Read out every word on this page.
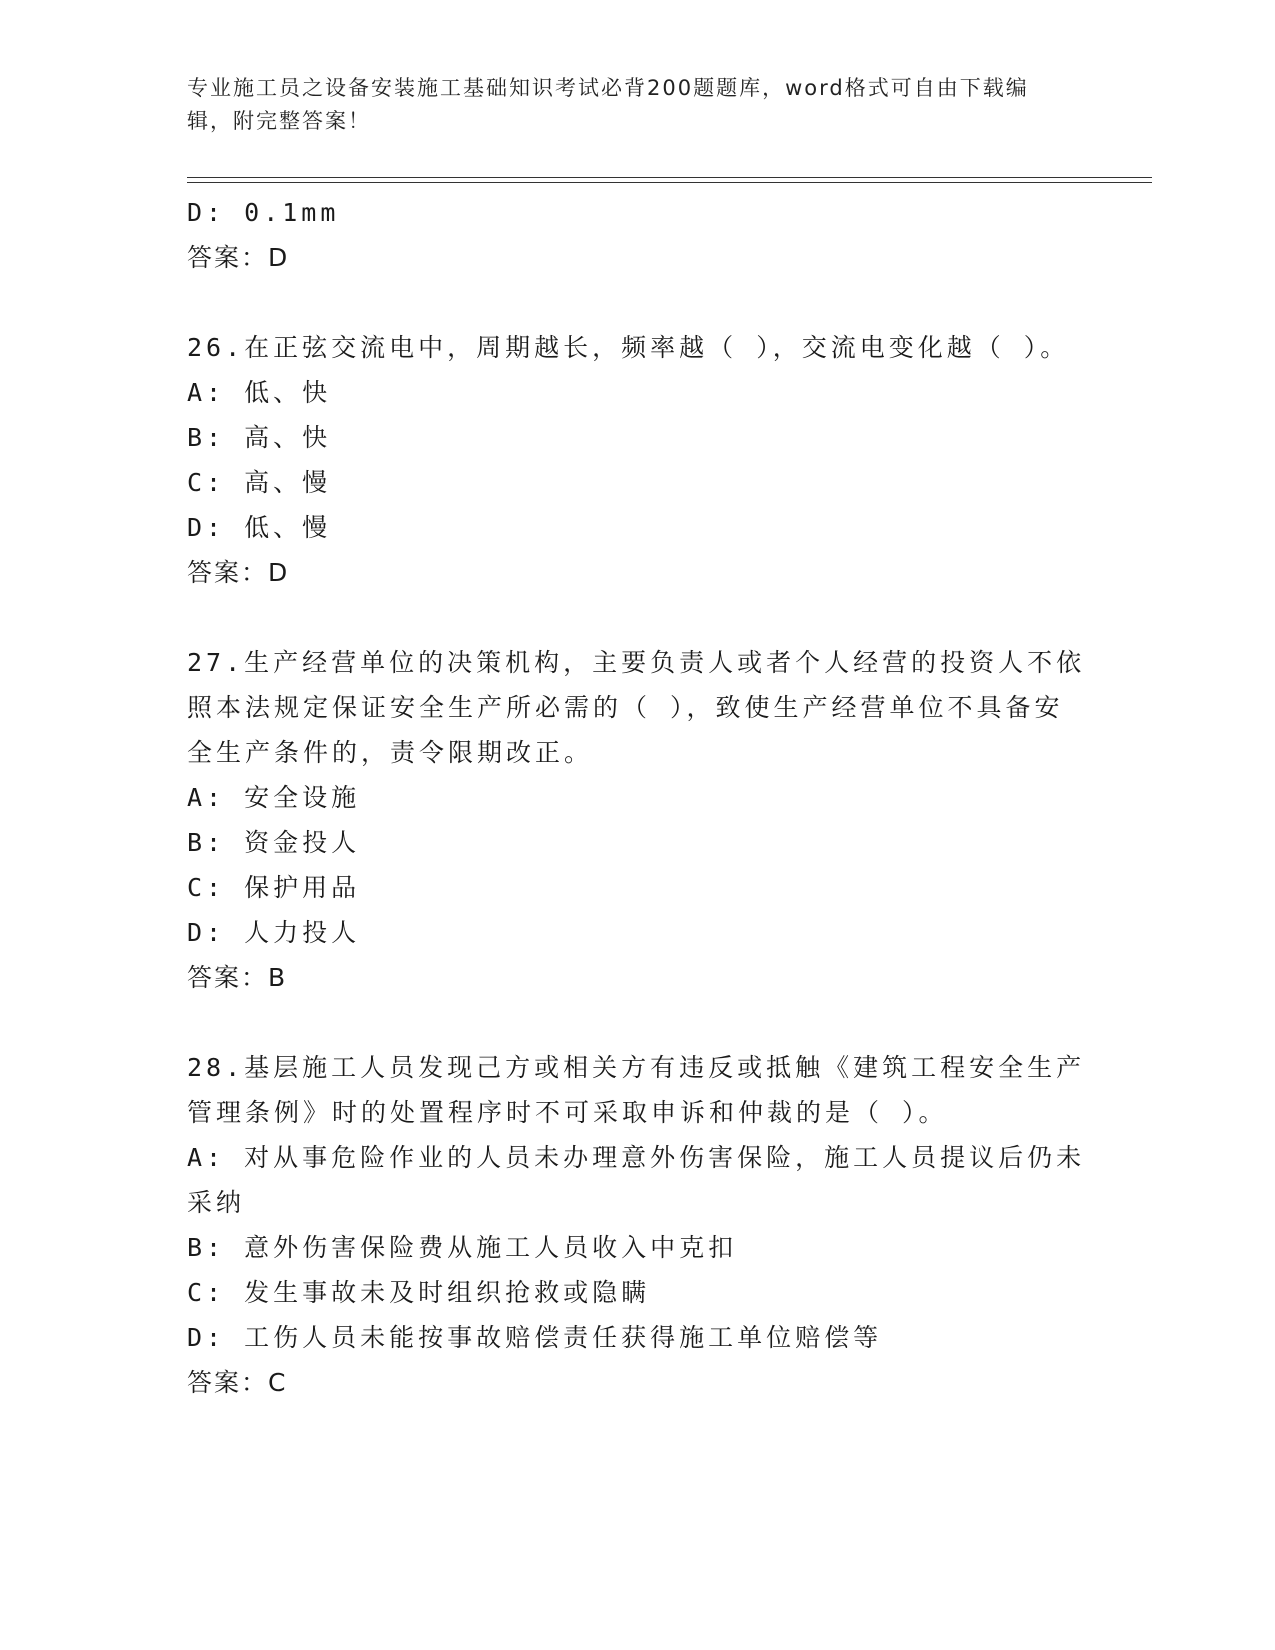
专业施工员之设备安装施工基础知识考试必背200题题库，word格式可自由下载编辑，附完整答案！
D: 0.1mm
答案：D
26.在正弦交流电中，周期越长，频率越（ ），交流电变化越（ ）。
A: 低、快
B: 高、快
C: 高、慢
D: 低、慢
答案：D
27.生产经营单位的决策机构，主要负责人或者个人经营的投资人不依照本法规定保证安全生产所必需的（ ），致使生产经营单位不具备安全生产条件的，责令限期改正。
A: 安全设施
B: 资金投人
C: 保护用品
D: 人力投人
答案：B
28.基层施工人员发现己方或相关方有违反或抵触《建筑工程安全生产管理条例》时的处置程序时不可采取申诉和仲裁的是（ ）。
A: 对从事危险作业的人员未办理意外伤害保险，施工人员提议后仍未采纳
B: 意外伤害保险费从施工人员收入中克扣
C: 发生事故未及时组织抢救或隐瞒
D: 工伤人员未能按事故赔偿责任获得施工单位赔偿等
答案：C
